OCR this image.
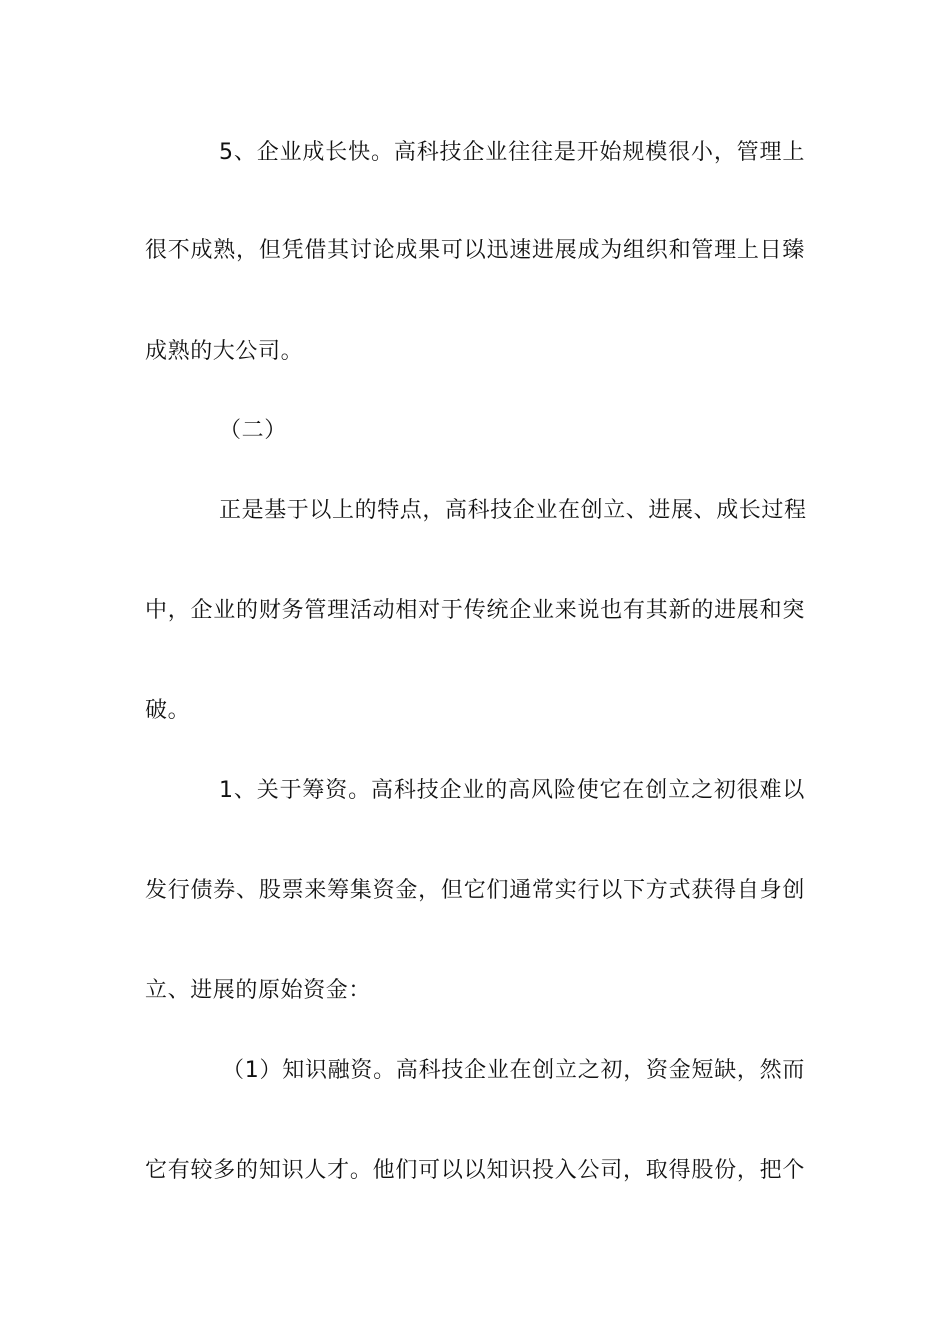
5、企业成长快。高科技企业往往是开始规模很小，管理上
很不成熟，但凭借其讨论成果可以迅速进展成为组织和管理上日臻
成熟的大公司。
（二）
正是基于以上的特点，高科技企业在创立、进展、成长过程
中，企业的财务管理活动相对于传统企业来说也有其新的进展和突
破。
1、关于筹资。高科技企业的高风险使它在创立之初很难以
发行债券、股票来筹集资金，但它们通常实行以下方式获得自身创
立、进展的原始资金：
（1）知识融资。高科技企业在创立之初，资金短缺，然而
它有较多的知识人才。他们可以以知识投入公司，取得股份，把个
